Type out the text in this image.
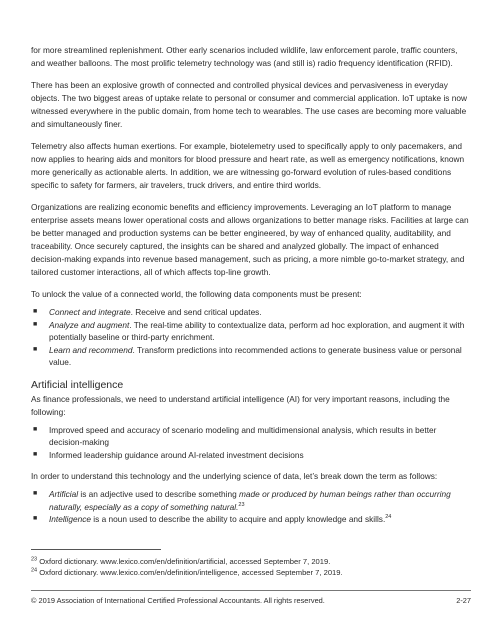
for more streamlined replenishment. Other early scenarios included wildlife, law enforcement parole, traffic counters, and weather balloons. The most prolific telemetry technology was (and still is) radio frequency identification (RFID).

There has been an explosive growth of connected and controlled physical devices and pervasiveness in everyday objects. The two biggest areas of uptake relate to personal or consumer and commercial application. IoT uptake is now witnessed everywhere in the public domain, from home tech to wearables. The use cases are becoming more valuable and simultaneously finer.

Telemetry also affects human exertions. For example, biotelemetry used to specifically apply to only pacemakers, and now applies to hearing aids and monitors for blood pressure and heart rate, as well as emergency notifications, known more generically as actionable alerts. In addition, we are witnessing go-forward evolution of rules-based conditions specific to safety for farmers, air travelers, truck drivers, and entire third worlds.

Organizations are realizing economic benefits and efficiency improvements. Leveraging an IoT platform to manage enterprise assets means lower operational costs and allows organizations to better manage risks. Facilities at large can be better managed and production systems can be better engineered, by way of enhanced quality, auditability, and traceability. Once securely captured, the insights can be shared and analyzed globally. The impact of enhanced decision-making expands into revenue based management, such as pricing, a more nimble go-to-market strategy, and tailored customer interactions, all of which affects top-line growth.

To unlock the value of a connected world, the following data components must be present:

■ Connect and integrate. Receive and send critical updates.
■ Analyze and augment. The real-time ability to contextualize data, perform ad hoc exploration, and augment it with potentially baseline or third-party enrichment.
■ Learn and recommend. Transform predictions into recommended actions to generate business value or personal value.
Artificial intelligence

As finance professionals, we need to understand artificial intelligence (AI) for very important reasons, including the following:

■ Improved speed and accuracy of scenario modeling and multidimensional analysis, which results in better decision-making
■ Informed leadership guidance around AI-related investment decisions

In order to understand this technology and the underlying science of data, let’s break down the term as follows:

■ Artificial is an adjective used to describe something made or produced by human beings rather than occurring naturally, especially as a copy of something natural.$^{23}$
■ Intelligence is a noun used to describe the ability to acquire and apply knowledge and skills.$^{24}$
$^{23}$ Oxford dictionary. www.lexico.com/en/definition/artificial, accessed September 7, 2019.
$^{24}$ Oxford dictionary. www.lexico.com/en/definition/intelligence, accessed September 7, 2019.
© 2019 Association of International Certified Professional Accountants. All rights reserved.	2-27
